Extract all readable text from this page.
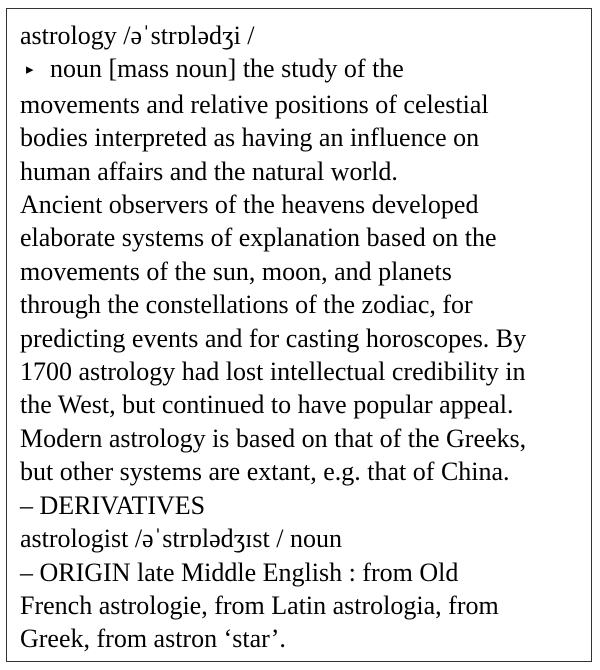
astrology /əˈstrɒlədʒi /
▸ noun [mass noun] the study of the
movements and relative positions of celestial
bodies interpreted as having an influence on
human affairs and the natural world.
Ancient observers of the heavens developed
elaborate systems of explanation based on the
movements of the sun, moon, and planets
through the constellations of the zodiac, for
predicting events and for casting horoscopes. By
1700 astrology had lost intellectual credibility in
the West, but continued to have popular appeal.
Modern astrology is based on that of the Greeks,
but other systems are extant, e.g. that of China.
– DERIVATIVES
astrologist /əˈstrɒlədʒɪst / noun
– ORIGIN late Middle English : from Old
French astrologie, from Latin astrologia, from
Greek, from astron ‘star’.
